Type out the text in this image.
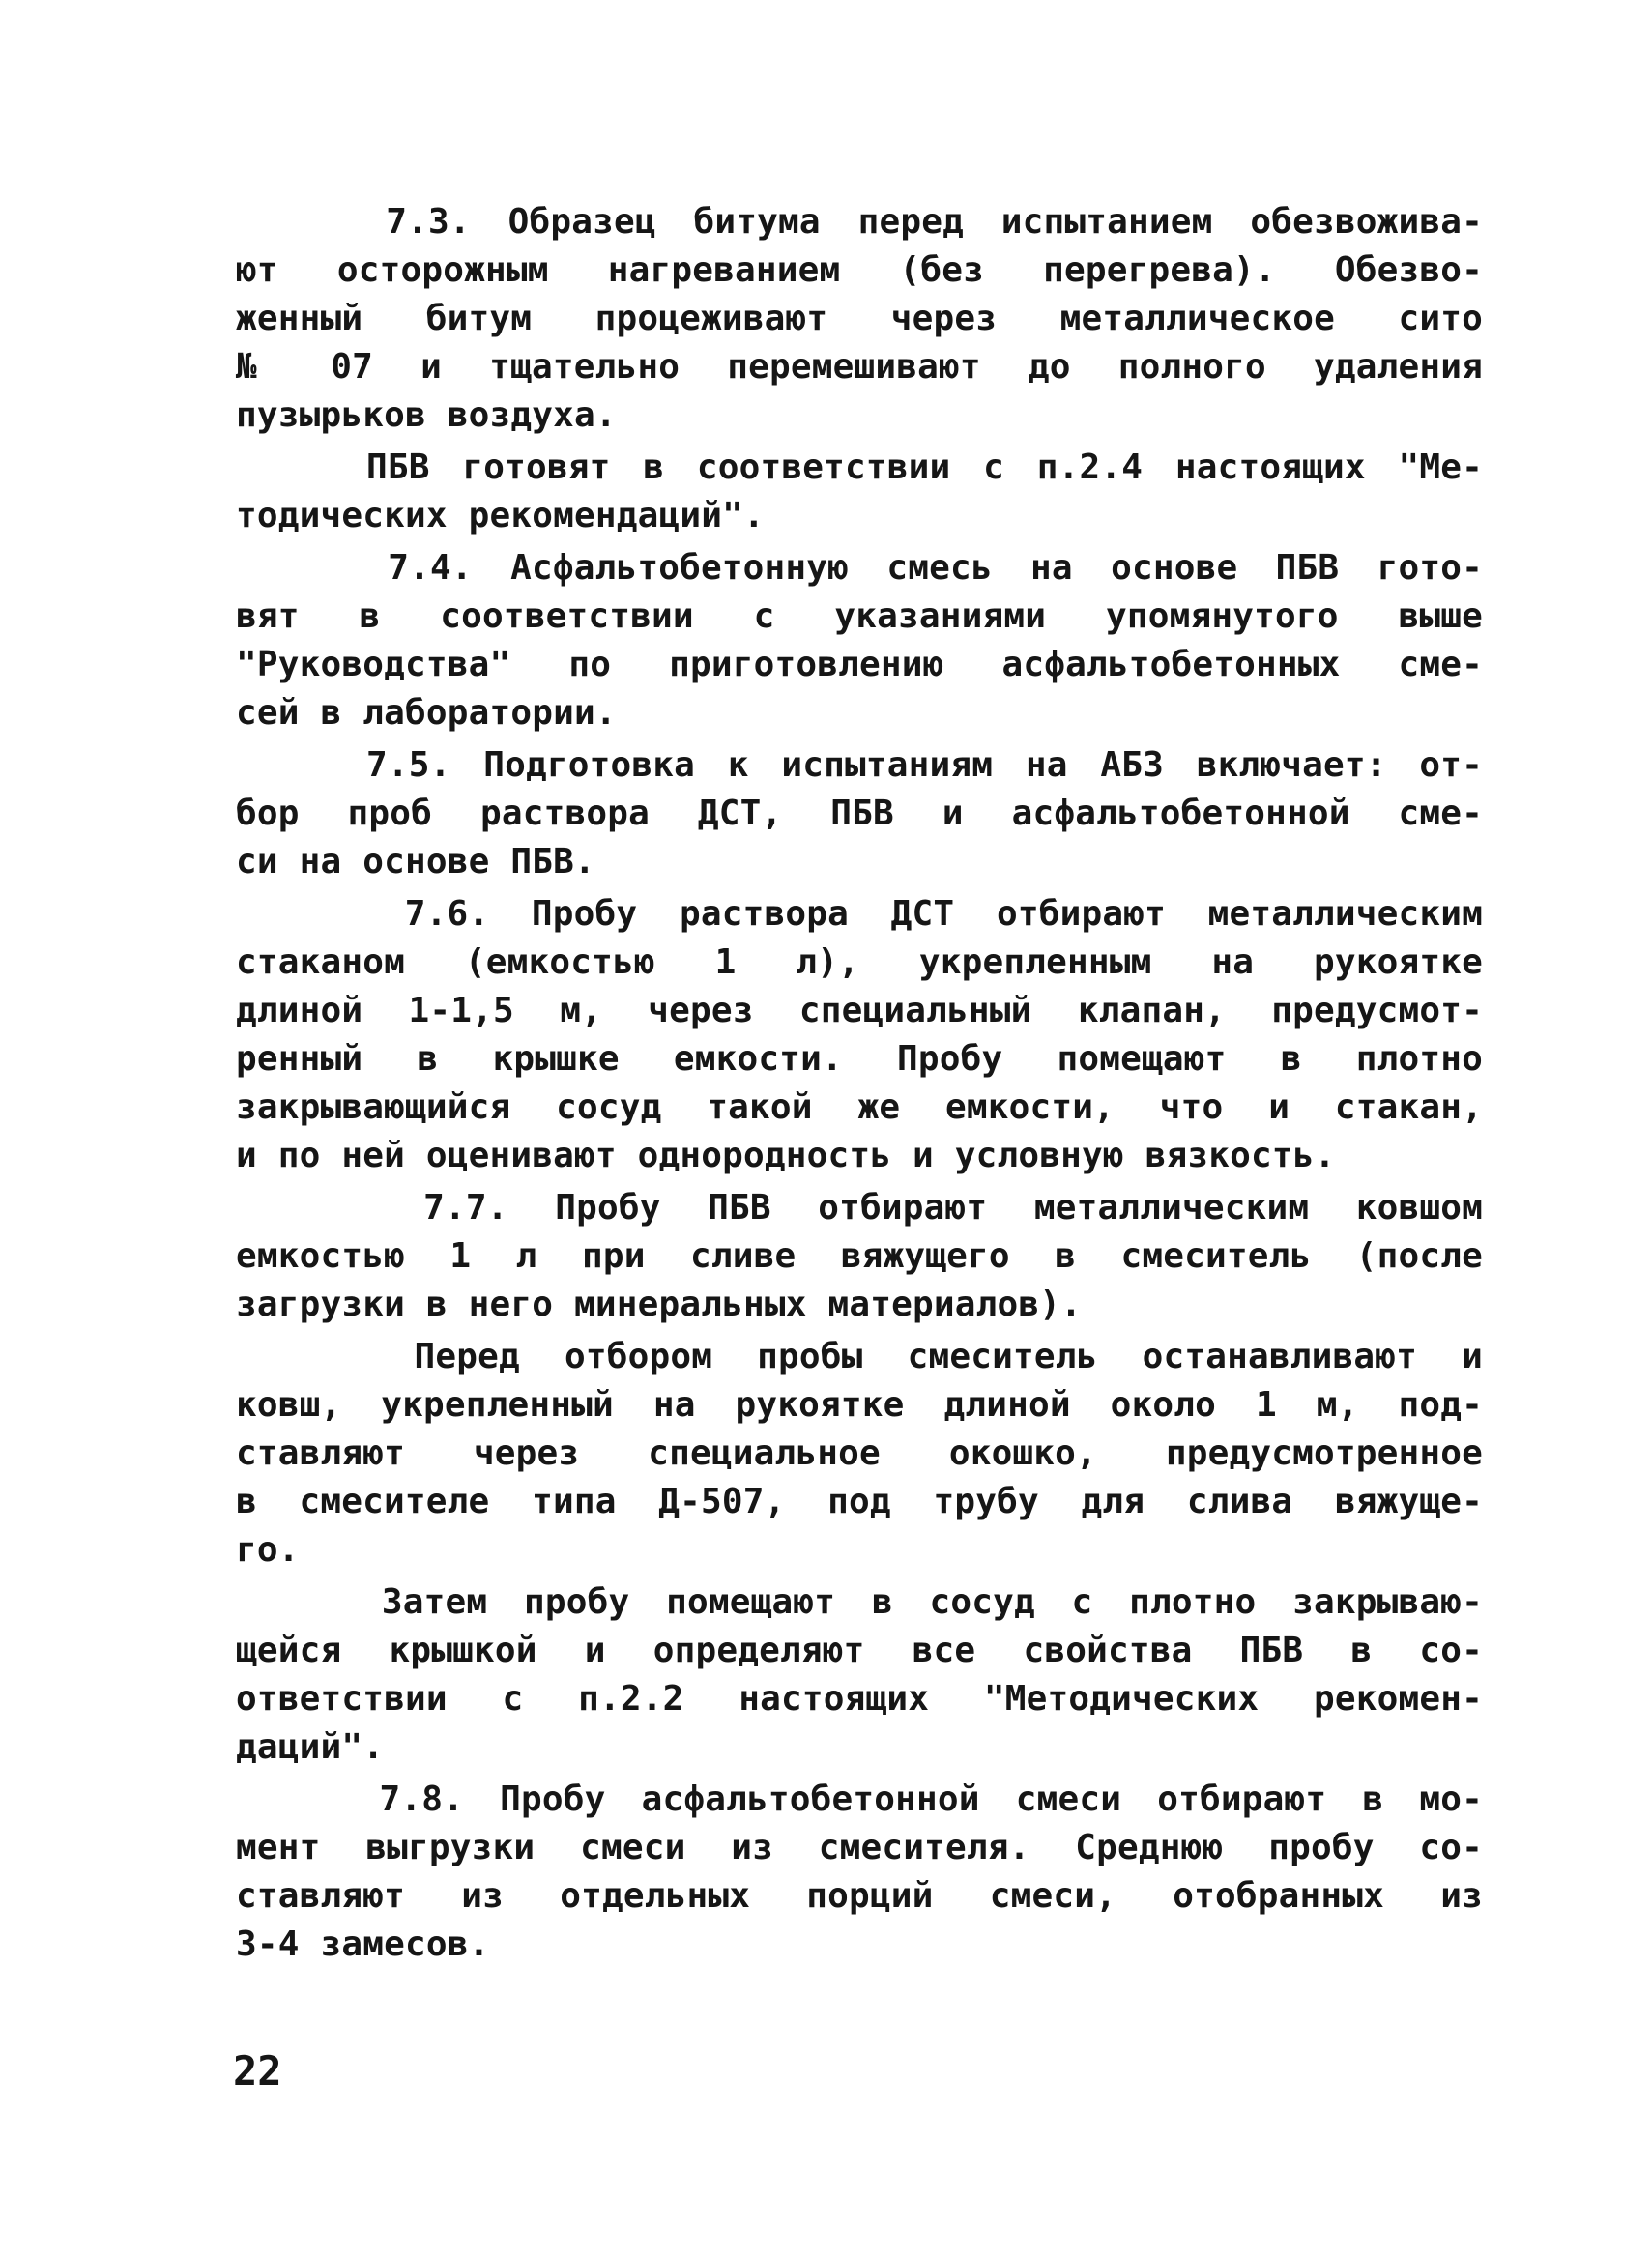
7.3. Образец битума перед испытанием обезвожива-
ют осторожным нагреванием (без перегрева). Обезво-
женный битум процеживают через металлическое сито
№ 07 и тщательно перемешивают до полного удаления
пузырьков воздуха.
ПБВ готовят в соответствии с п.2.4 настоящих "Ме-
тодических рекомендаций".
7.4. Асфальтобетонную смесь на основе ПБВ гото-
вят в соответствии с указаниями упомянутого выше
"Руководства" по приготовлению асфальтобетонных сме-
сей в лаборатории.
7.5. Подготовка к испытаниям на АБЗ включает: от-
бор проб раствора ДСТ, ПБВ и асфальтобетонной сме-
си на основе ПБВ.
7.6. Пробу раствора ДСТ отбирают металлическим
стаканом (емкостью 1 л), укрепленным на рукоятке
длиной 1-1,5 м, через специальный клапан, предусмот-
ренный в крышке емкости. Пробу помещают в плотно
закрывающийся сосуд такой же емкости, что и стакан,
и по ней оценивают однородность и условную вязкость.
7.7. Пробу ПБВ отбирают металлическим ковшом
емкостью 1 л при сливе вяжущего в смеситель (после
загрузки в него минеральных материалов).
Перед отбором пробы смеситель останавливают и
ковш, укрепленный на рукоятке длиной около 1 м, под-
ставляют через специальное окошко, предусмотренное
в смесителе типа Д-507, под трубу для слива вяжуще-
го.
Затем пробу помещают в сосуд с плотно закрываю-
щейся крышкой и определяют все свойства ПБВ в со-
ответствии с п.2.2 настоящих "Методических рекомен-
даций".
7.8. Пробу асфальтобетонной смеси отбирают в мо-
мент выгрузки смеси из смесителя. Среднюю пробу со-
ставляют из отдельных порций смеси, отобранных из
3-4 замесов.
22
